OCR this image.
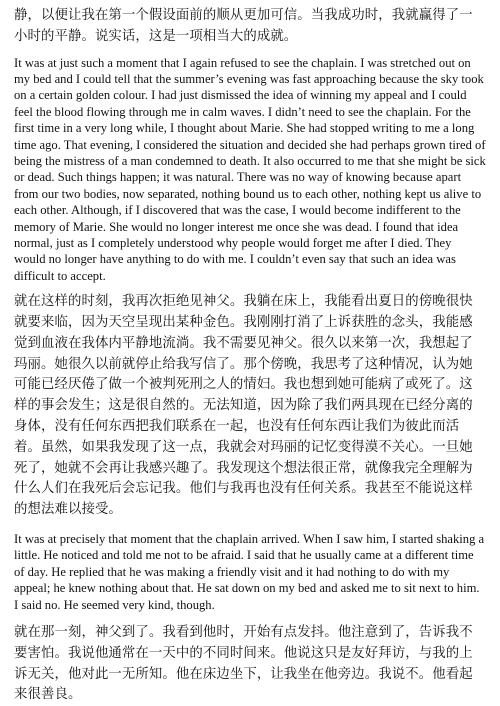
静，以便让我在第一个假设面前的顺从更加可信。当我成功时，我就赢得了一小时的平静。说实话，这是一项相当大的成就。

It was at just such a moment that I again refused to see the chaplain. I was stretched out on my bed and I could tell that the summer’s evening was fast approaching because the sky took on a certain golden colour. I had just dismissed the idea of winning my appeal and I could feel the blood flowing through me in calm waves. I didn’t need to see the chaplain. For the first time in a very long while, I thought about Marie. She had stopped writing to me a long time ago. That evening, I considered the situation and decided she had perhaps grown tired of being the mistress of a man condemned to death. It also occurred to me that she might be sick or dead. Such things happen; it was natural. There was no way of knowing because apart from our two bodies, now separated, nothing bound us to each other, nothing kept us alive to each other. Although, if I discovered that was the case, I would become indifferent to the memory of Marie. She would no longer interest me once she was dead. I found that idea normal, just as I completely understood why people would forget me after I died. They would no longer have anything to do with me. I couldn’t even say that such an idea was difficult to accept.

就在这样的时刻，我再次拒绝见神父。我躺在床上，我能看出夏日的傍晚很快就要来临，因为天空呈现出某种金色。我刚刚打消了上诉获胜的念头，我能感觉到血液在我体内平静地流淌。我不需要见神父。很久以来第一次，我想起了玛丽。她很久以前就停止给我写信了。那个傍晚，我思考了这种情况，认为她可能已经厌倦了做一个被判死刑之人的情妇。我也想到她可能病了或死了。这样的事会发生；这是很自然的。无法知道，因为除了我们两具现在已经分离的身体，没有任何东西把我们联系在一起，也没有任何东西让我们为彼此而活着。虽然，如果我发现了这一点，我就会对玛丽的记忆变得漠不关心。一旦她死了，她就不会再让我感兴趣了。我发现这个想法很正常，就像我完全理解为什么人们在我死后会忘记我。他们与我再也没有任何关系。我甚至不能说这样的想法难以接受。

It was at precisely that moment that the chaplain arrived. When I saw him, I started shaking a little. He noticed and told me not to be afraid. I said that he usually came at a different time of day. He replied that he was making a friendly visit and it had nothing to do with my appeal; he knew nothing about that. He sat down on my bed and asked me to sit next to him. I said no. He seemed very kind, though.

就在那一刻，神父到了。我看到他时，开始有点发抖。他注意到了，告诉我不要害怕。我说他通常在一天中的不同时间来。他说这只是友好拜访，与我的上诉无关，他对此一无所知。他在床边坐下，让我坐在他旁边。我说不。他看起来很善良。
